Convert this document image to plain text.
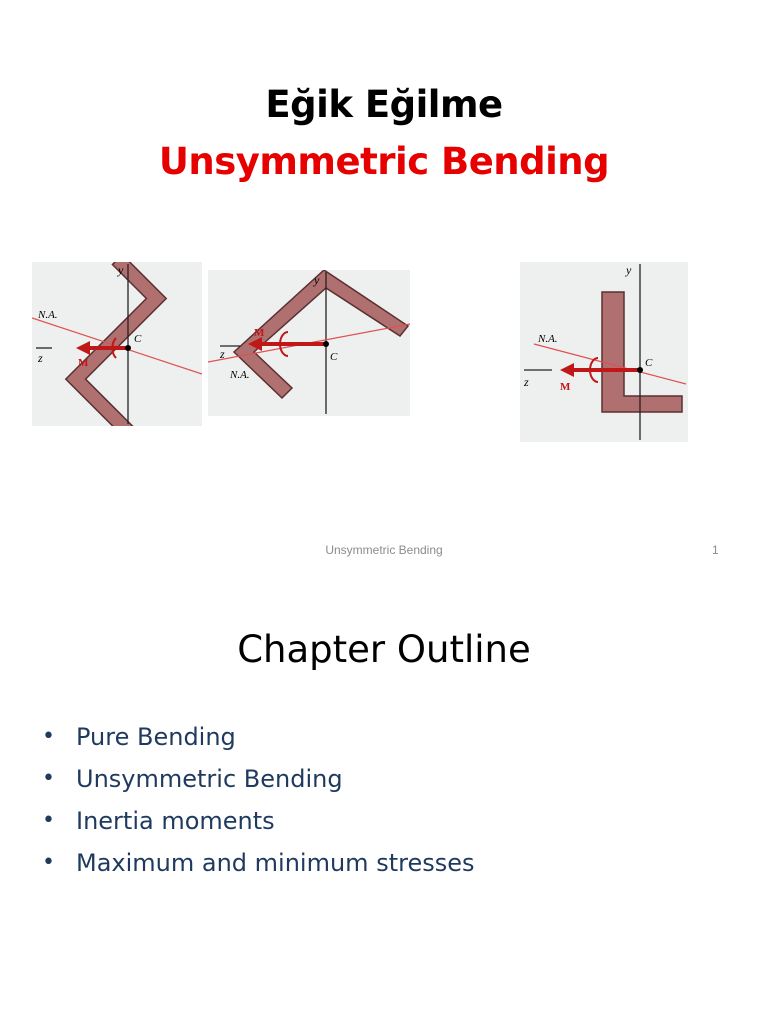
Eğik Eğilme
Unsymmetric Bending
y
z
N.A.
M
C
y
z
N.A.
M
C
y
z
N.A.
M
C
Unsymmetric Bending	1
Chapter Outline
• Pure Bending
• Unsymmetric Bending
• Inertia moments
• Maximum and minimum stresses
